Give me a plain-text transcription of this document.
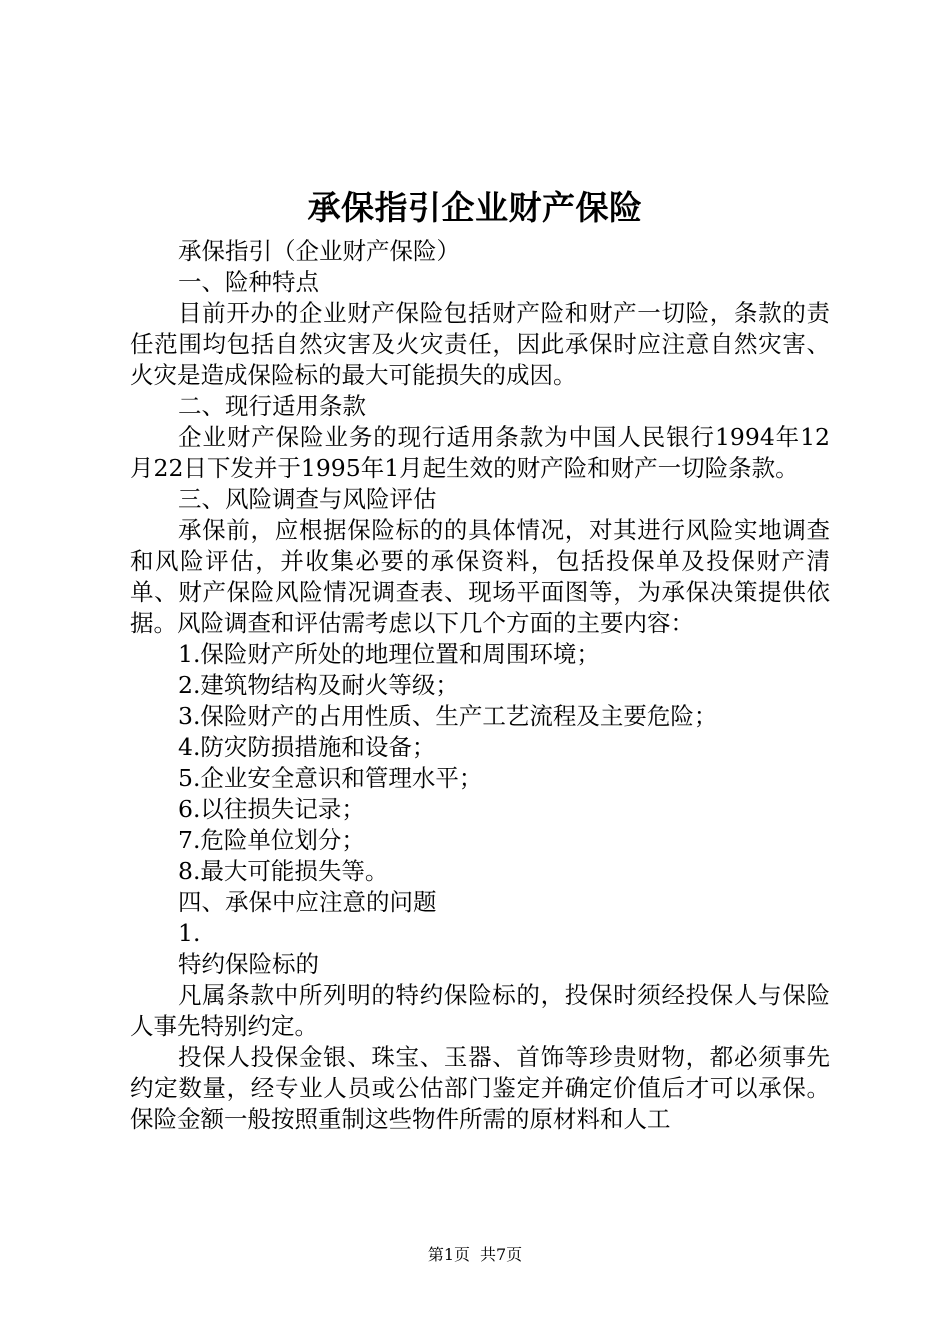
承保指引企业财产保险

承保指引（企业财产保险）

一、险种特点

目前开办的企业财产保险包括财产险和财产一切险，条款的责任范围均包括自然灾害及火灾责任，因此承保时应注意自然灾害、火灾是造成保险标的最大可能损失的成因。

二、现行适用条款

企业财产保险业务的现行适用条款为中国人民银行1994年12月22日下发并于1995年1月起生效的财产险和财产一切险条款。

三、风险调查与风险评估

承保前，应根据保险标的的具体情况，对其进行风险实地调查和风险评估，并收集必要的承保资料，包括投保单及投保财产清单、财产保险风险情况调查表、现场平面图等，为承保决策提供依据。风险调查和评估需考虑以下几个方面的主要内容：

1.保险财产所处的地理位置和周围环境；

2.建筑物结构及耐火等级；

3.保险财产的占用性质、生产工艺流程及主要危险；

4.防灾防损措施和设备；

5.企业安全意识和管理水平；

6.以往损失记录；

7.危险单位划分；

8.最大可能损失等。

四、承保中应注意的问题

1.

特约保险标的

凡属条款中所列明的特约保险标的，投保时须经投保人与保险人事先特别约定。

投保人投保金银、珠宝、玉器、首饰等珍贵财物，都必须事先约定数量，经专业人员或公估部门鉴定并确定价值后才可以承保。保险金额一般按照重制这些物件所需的原材料和人工

第1页 共7页
